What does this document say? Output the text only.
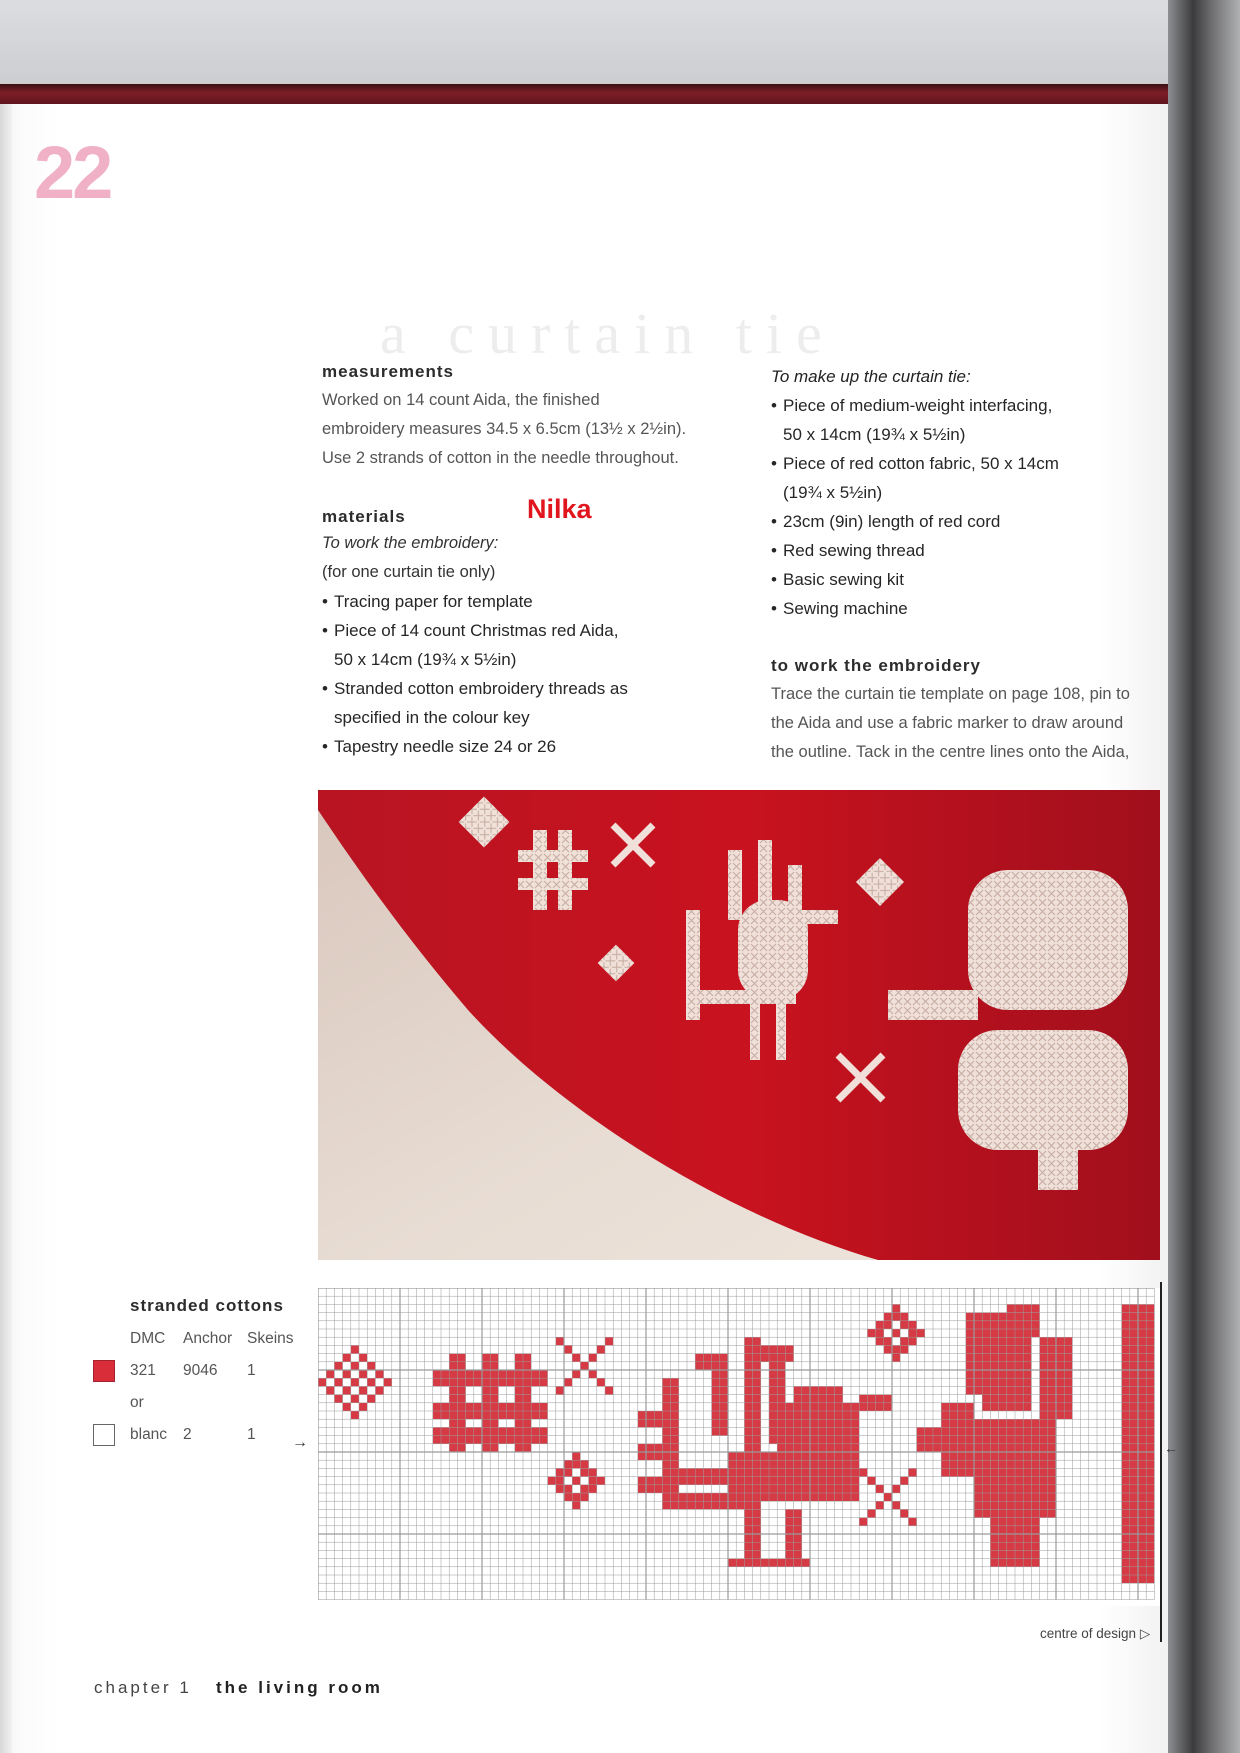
22
a curtain tie
measurements
Worked on 14 count Aida, the finished
embroidery measures 34.5 x 6.5cm (13½ x 2½in).
Use 2 strands of cotton in the needle throughout.
materials
To work the embroidery:
(for one curtain tie only)
• Tracing paper for template
• Piece of 14 count Christmas red Aida,
50 x 14cm (19¾ x 5½in)
• Stranded cotton embroidery threads as
specified in the colour key
• Tapestry needle size 24 or 26
Nilka
To make up the curtain tie:
• Piece of medium-weight interfacing,
50 x 14cm (19¾ x 5½in)
• Piece of red cotton fabric, 50 x 14cm
(19¾ x 5½in)
• 23cm (9in) length of red cord
• Red sewing thread
• Basic sewing kit
• Sewing machine
to work the embroidery
Trace the curtain tie template on page 108, pin to
the Aida and use a fabric marker to draw around
the outline. Tack in the centre lines onto the Aida,
stranded cottons
DMC Anchor Skeins
321 9046 1
or
blanc 2	1 →	←
centre of design ▷
chapter 1 the living room
